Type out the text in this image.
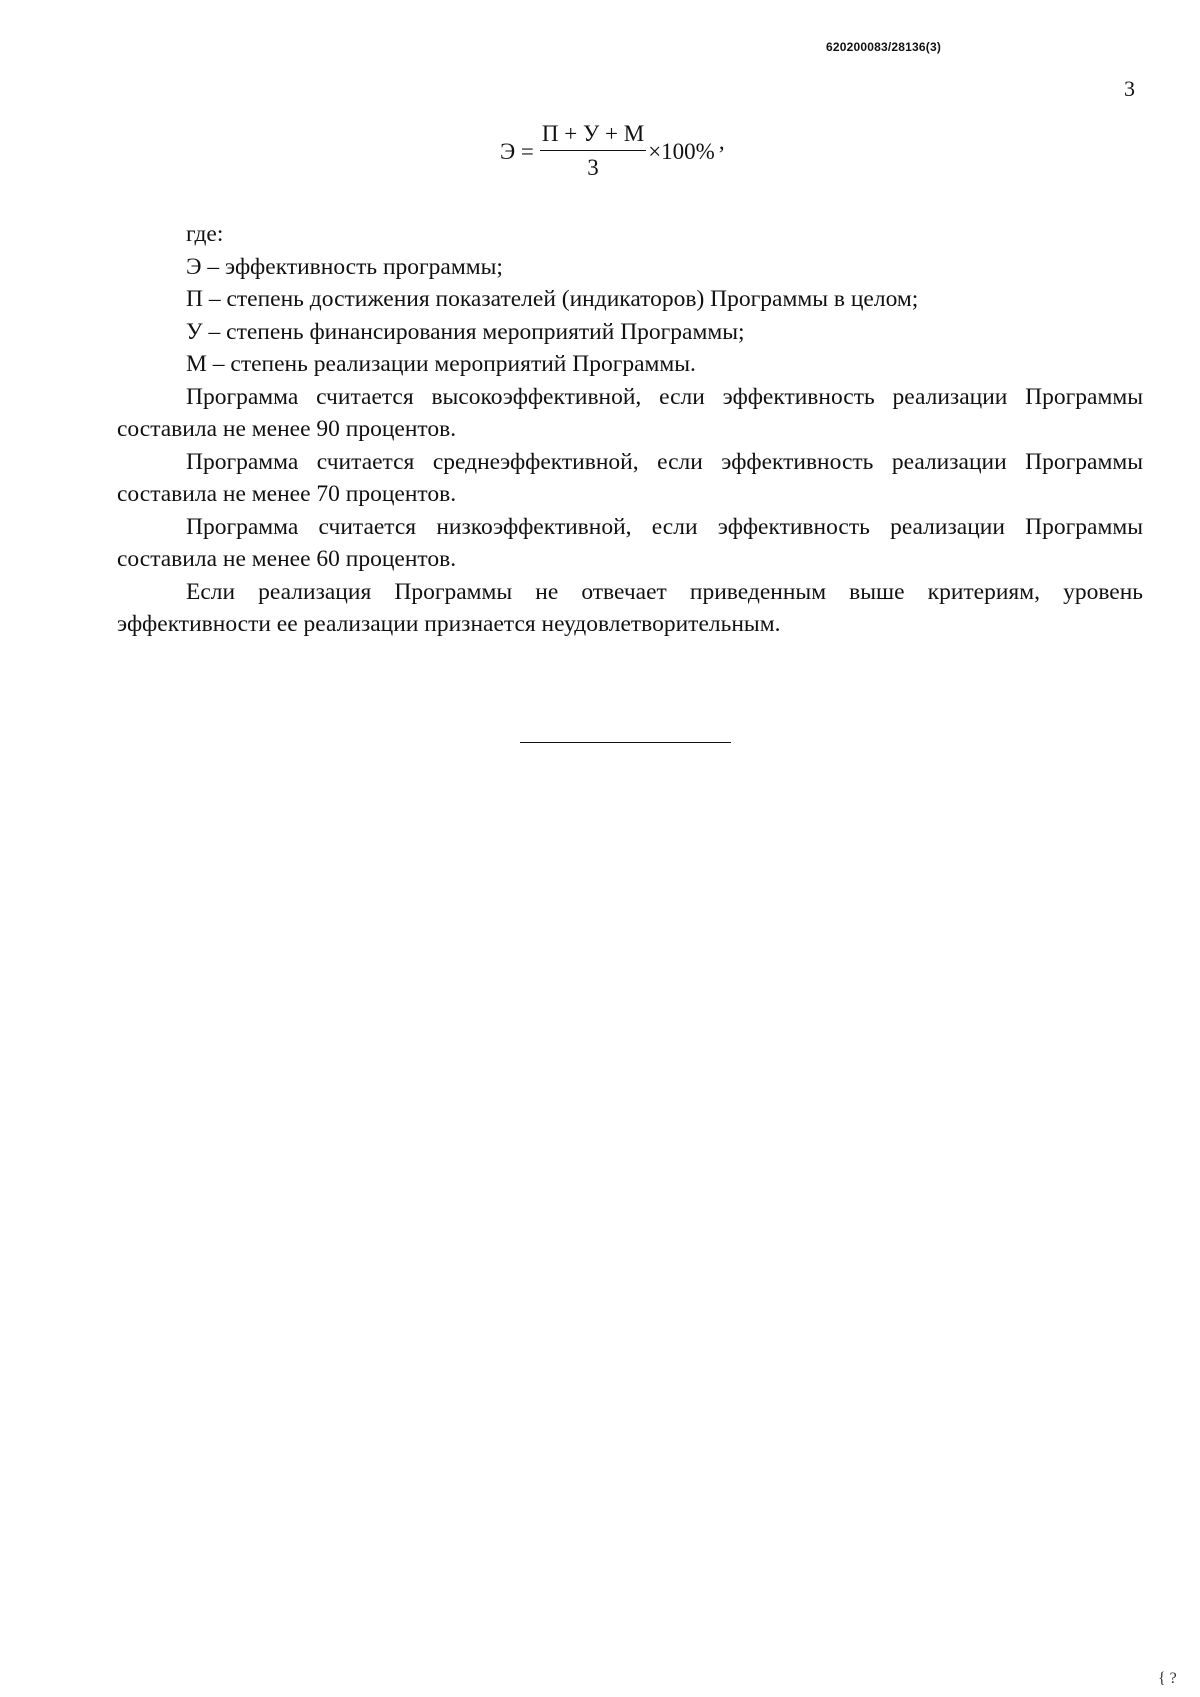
620200083/28136(3)
3
$Э = \frac{П + У + М}{3} \times 100\%$ ,

где:

Э – эффективность программы;

П – степень достижения показателей (индикаторов) Программы в целом;

У – степень финансирования мероприятий Программы;

М – степень реализации мероприятий Программы.

Программа считается высокоэффективной, если эффективность реализации Программы составила не менее 90 процентов.

Программа считается среднеэффективной, если эффективность реализации Программы составила не менее 70 процентов.

Программа считается низкоэффективной, если эффективность реализации Программы составила не менее 60 процентов.

Если реализация Программы не отвечает приведенным выше критериям, уровень эффективности ее реализации признается неудовлетворительным.

{ ?
